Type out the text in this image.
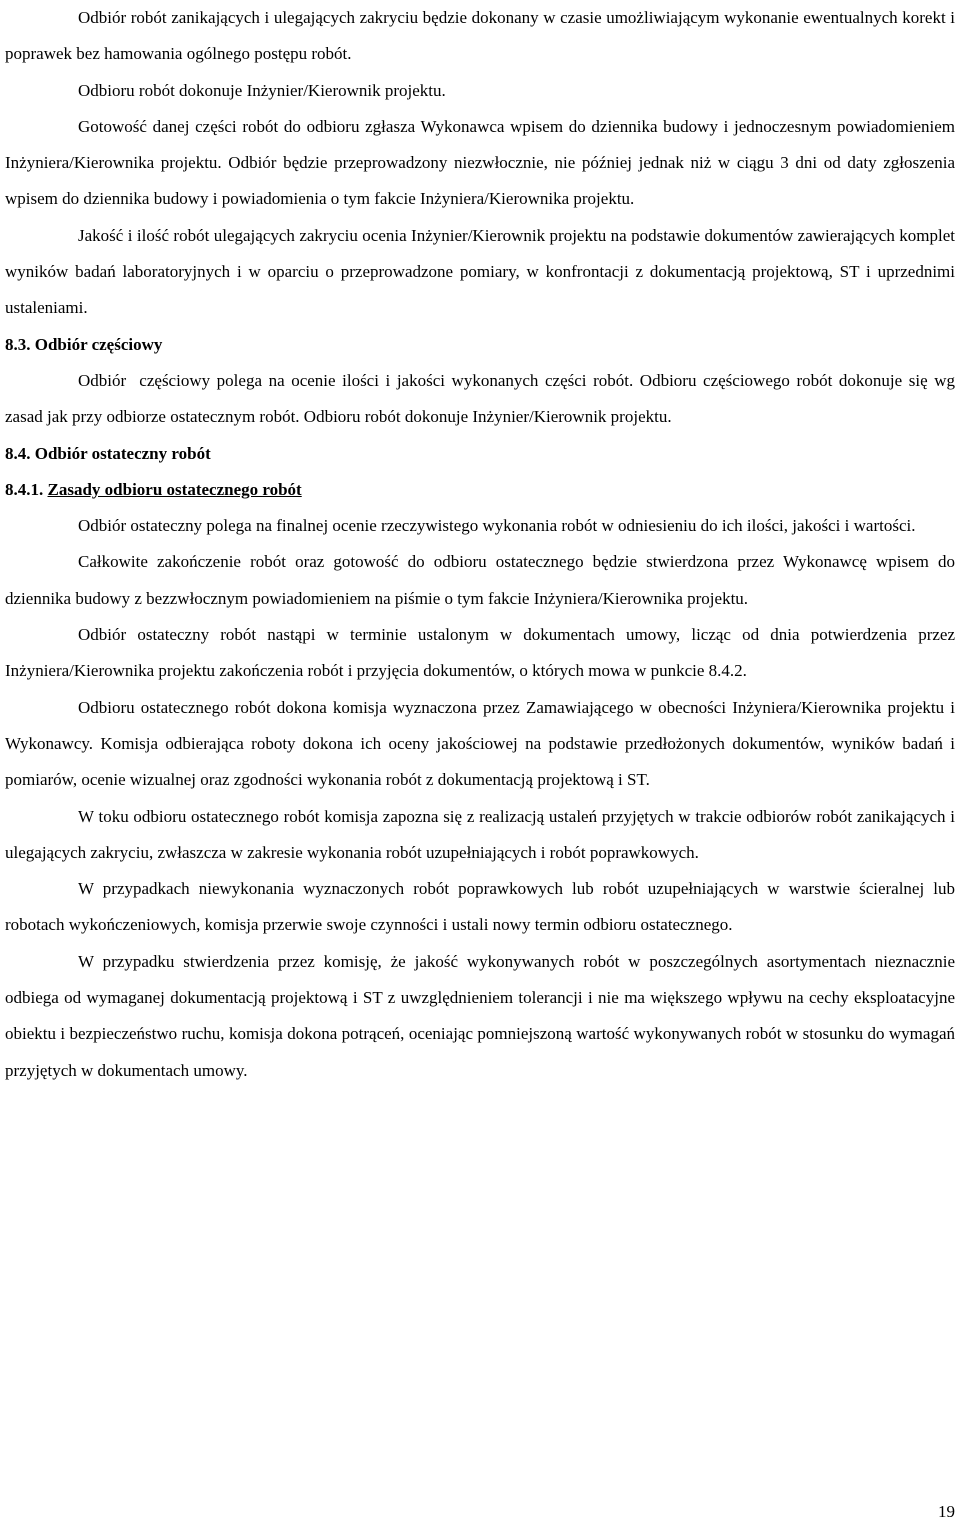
Odbiór robót zanikających i ulegających zakryciu będzie dokonany w czasie umożliwiającym wykonanie ewentualnych korekt i poprawek bez hamowania ogólnego postępu robót.

Odbioru robót dokonuje Inżynier/Kierownik projektu.

Gotowość danej części robót do odbioru zgłasza Wykonawca wpisem do dziennika budowy i jednoczesnym powiadomieniem Inżyniera/Kierownika projektu. Odbiór będzie przeprowadzony niezwłocznie, nie później jednak niż w ciągu 3 dni od daty zgłoszenia wpisem do dziennika budowy i powiadomienia o tym fakcie Inżyniera/Kierownika projektu.

Jakość i ilość robót ulegających zakryciu ocenia Inżynier/Kierownik projektu na podstawie dokumentów zawierających komplet wyników badań laboratoryjnych i w oparciu o przeprowadzone pomiary, w konfrontacji z dokumentacją projektową, ST i uprzednimi ustaleniami.

8.3. Odbiór częściowy

Odbiór  częściowy polega na ocenie ilości i jakości wykonanych części robót. Odbioru częściowego robót dokonuje się wg zasad jak przy odbiorze ostatecznym robót. Odbioru robót dokonuje Inżynier/Kierownik projektu.

8.4. Odbiór ostateczny robót
8.4.1. Zasady odbioru ostatecznego robót

Odbiór ostateczny polega na finalnej ocenie rzeczywistego wykonania robót w odniesieniu do ich ilości, jakości i wartości.

Całkowite zakończenie robót oraz gotowość do odbioru ostatecznego będzie stwierdzona przez Wykonawcę wpisem do dziennika budowy z bezzwłocznym powiadomieniem na piśmie o tym fakcie Inżyniera/Kierownika projektu.

Odbiór ostateczny robót nastąpi w terminie ustalonym w dokumentach umowy, licząc od dnia potwierdzenia przez Inżyniera/Kierownika projektu zakończenia robót i przyjęcia dokumentów, o których mowa w punkcie 8.4.2.

Odbioru ostatecznego robót dokona komisja wyznaczona przez Zamawiającego w obecności Inżyniera/Kierownika projektu i Wykonawcy. Komisja odbierająca roboty dokona ich oceny jakościowej na podstawie przedłożonych dokumentów, wyników badań i pomiarów, ocenie wizualnej oraz zgodności wykonania robót z dokumentacją projektową i ST.

W toku odbioru ostatecznego robót komisja zapozna się z realizacją ustaleń przyjętych w trakcie odbiorów robót zanikających i ulegających zakryciu, zwłaszcza w zakresie wykonania robót uzupełniających i robót poprawkowych.

W przypadkach niewykonania wyznaczonych robót poprawkowych lub robót uzupełniających w warstwie ścieralnej lub robotach wykończeniowych, komisja przerwie swoje czynności i ustali nowy termin odbioru ostatecznego.

W przypadku stwierdzenia przez komisję, że jakość wykonywanych robót w poszczególnych asortymentach nieznacznie odbiega od wymaganej dokumentacją projektową i ST z uwzględnieniem tolerancji i nie ma większego wpływu na cechy eksploatacyjne obiektu i bezpieczeństwo ruchu, komisja dokona potrąceń, oceniając pomniejszoną wartość wykonywanych robót w stosunku do wymagań przyjętych w dokumentach umowy.

19
